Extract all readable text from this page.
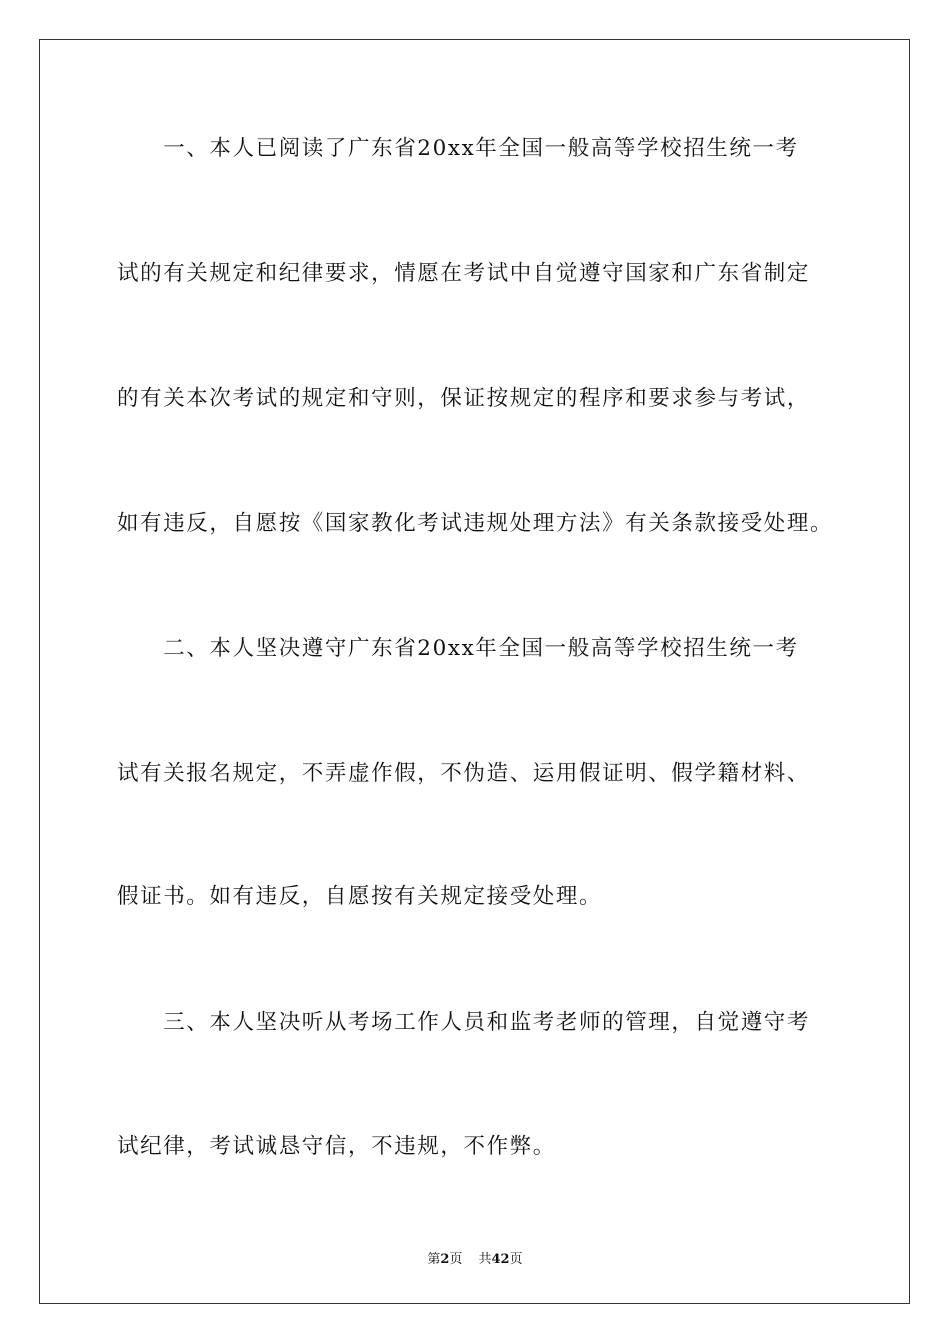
　　一、本人已阅读了广东省20xx年全国一般高等学校招生统一考
试的有关规定和纪律要求，情愿在考试中自觉遵守国家和广东省制定
的有关本次考试的规定和守则，保证按规定的程序和要求参与考试，
如有违反，自愿按《国家教化考试违规处理方法》有关条款接受处理。
　　二、本人坚决遵守广东省20xx年全国一般高等学校招生统一考
试有关报名规定，不弄虚作假，不伪造、运用假证明、假学籍材料、
假证书。如有违反，自愿按有关规定接受处理。
　　三、本人坚决听从考场工作人员和监考老师的管理，自觉遵守考
试纪律，考试诚恳守信，不违规，不作弊。
第2页 共42页
